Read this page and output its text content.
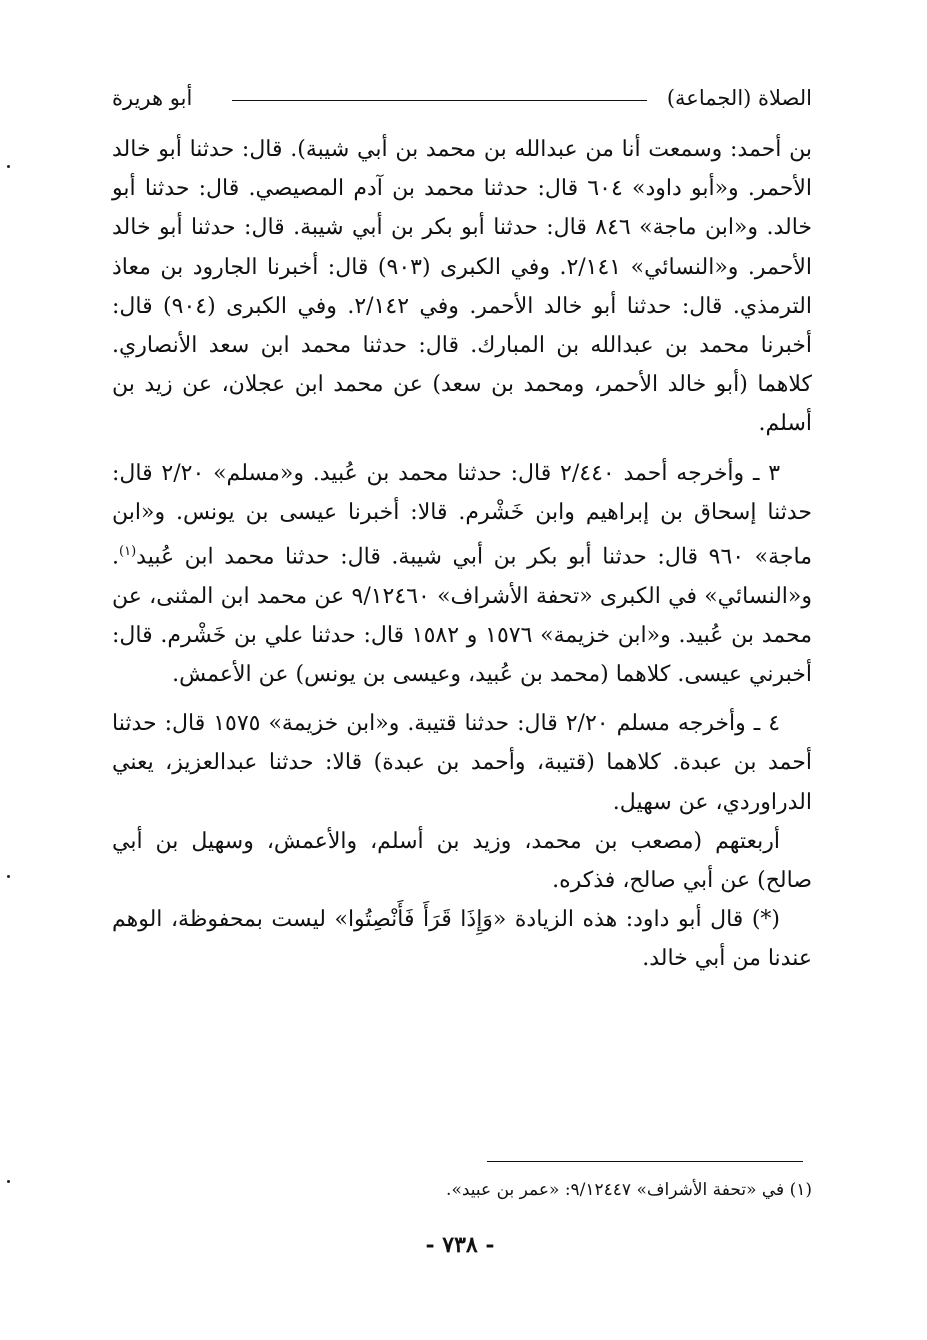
الصلاة (الجماعة)
أبو هريرة

بن أحمد: وسمعت أنا من عبدالله بن محمد بن أبي شيبة). قال: حدثنا أبو خالد الأحمر. و«أبو داود» ٦٠٤ قال: حدثنا محمد بن آدم المصيصي. قال: حدثنا أبو خالد. و«ابن ماجة» ٨٤٦ قال: حدثنا أبو بكر بن أبي شيبة. قال: حدثنا أبو خالد الأحمر. و«النسائي» ٢/١٤١. وفي الكبرى (٩٠٣) قال: أخبرنا الجارود بن معاذ الترمذي. قال: حدثنا أبو خالد الأحمر. وفي ٢/١٤٢. وفي الكبرى (٩٠٤) قال: أخبرنا محمد بن عبدالله بن المبارك. قال: حدثنا محمد ابن سعد الأنصاري. كلاهما (أبو خالد الأحمر، ومحمد بن سعد) عن محمد ابن عجلان، عن زيد بن أسلم.

٣ ـ وأخرجه أحمد ٢/٤٤٠ قال: حدثنا محمد بن عُبيد. و«مسلم» ٢/٢٠ قال: حدثنا إسحاق بن إبراهيم وابن خَشْرم. قالا: أخبرنا عيسى بن يونس. و«ابن ماجة» ٩٦٠ قال: حدثنا أبو بكر بن أبي شيبة. قال: حدثنا محمد ابن عُبيد$^{(١)}$. و«النسائي» في الكبرى «تحفة الأشراف» ٩/١٢٤٦٠ عن محمد ابن المثنى، عن محمد بن عُبيد. و«ابن خزيمة» ١٥٧٦ و ١٥٨٢ قال: حدثنا علي بن خَشْرم. قال: أخبرني عيسى. كلاهما (محمد بن عُبيد، وعيسى بن يونس) عن الأعمش.

٤ ـ وأخرجه مسلم ٢/٢٠ قال: حدثنا قتيبة. و«ابن خزيمة» ١٥٧٥ قال: حدثنا أحمد بن عبدة. كلاهما (قتيبة، وأحمد بن عبدة) قالا: حدثنا عبدالعزيز، يعني الدراوردي، عن سهيل.

أربعتهم (مصعب بن محمد، وزيد بن أسلم، والأعمش، وسهيل بن أبي صالح) عن أبي صالح، فذكره.

(*) قال أبو داود: هذه الزيادة «وَإِذَا قَرَأَ فَأَنْصِتُوا» ليست بمحفوظة، الوهم عندنا من أبي خالد.

(١) في «تحفة الأشراف» ٩/١٢٤٤٧: «عمر بن عبيد».
- ٧٣٨ -
